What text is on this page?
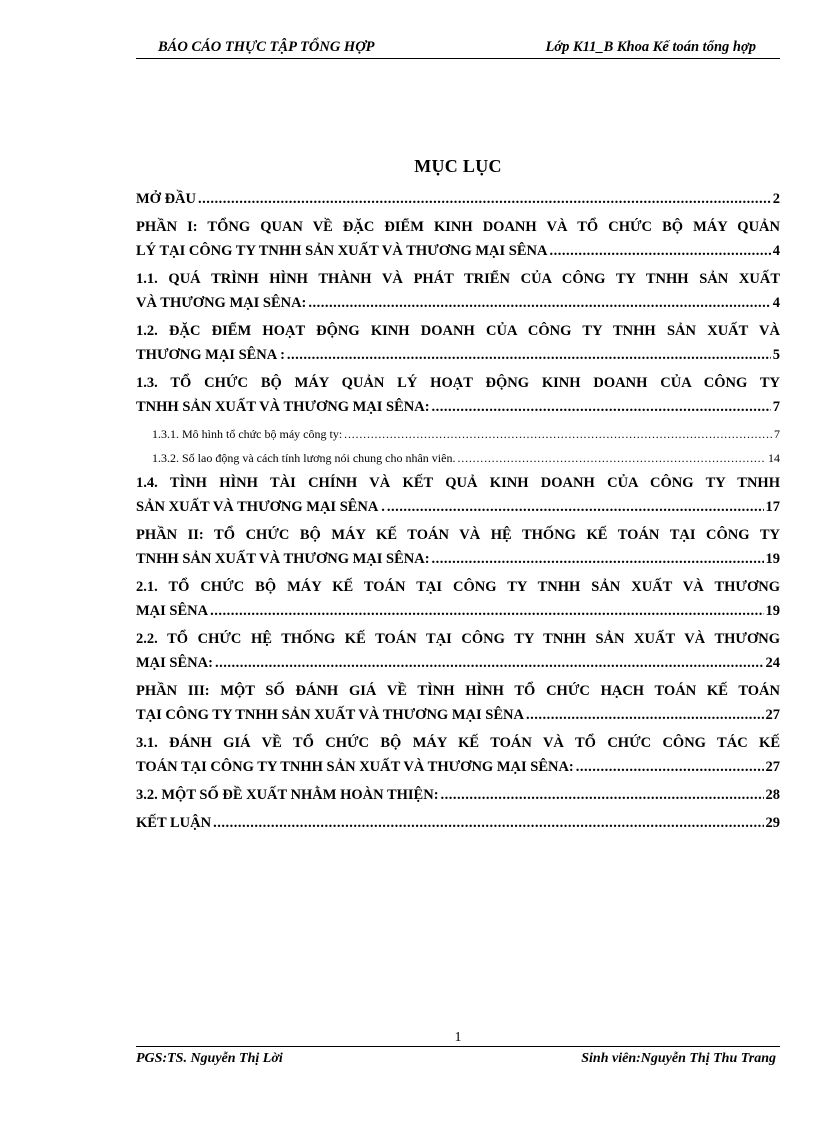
BÁO CÁO THỰC TẬP TỔNG HỢP	Lớp K11_B Khoa Kế toán tổng hợp
MỤC LỤC
MỞ ĐẦU .....	2
PHẦN I: TỔNG QUAN VỀ ĐẶC ĐIỂM KINH DOANH VÀ TỔ CHỨC BỘ MÁY QUẢN
LÝ TẠI CÔNG TY TNHH SẢN XUẤT VÀ THƯƠNG MẠI SÊNA .....	4
1.1. QUÁ TRÌNH HÌNH THÀNH VÀ PHÁT TRIỂN CỦA CÔNG TY TNHH SẢN XUẤT
VÀ THƯƠNG MẠI SÊNA: .....	4
1.2. ĐẶC ĐIỂM HOẠT ĐỘNG KINH DOANH CỦA CÔNG TY TNHH SẢN XUẤT VÀ
THƯƠNG MẠI SÊNA : .....	5
1.3. TỔ CHỨC BỘ MÁY QUẢN LÝ HOẠT ĐỘNG KINH DOANH CỦA CÔNG TY
TNHH SẢN XUẤT VÀ THƯƠNG MẠI SÊNA: .....	7
1.3.1. Mô hình tổ chức bộ máy công ty: .....	7
1.3.2. Số lao động và cách tính lương nói chung cho nhân viên. .....	14
1.4. TÌNH HÌNH TÀI CHÍNH VÀ KẾT QUẢ KINH DOANH CỦA CÔNG TY TNHH
SẢN XUẤT VÀ THƯƠNG MẠI SÊNA . .....	17
PHẦN II: TỔ CHỨC BỘ MÁY KẾ TOÁN VÀ HỆ THỐNG KẾ TOÁN TẠI CÔNG TY
TNHH SẢN XUẤT VÀ THƯƠNG MẠI SÊNA: .....	19
2.1. TỔ CHỨC BỘ MÁY KẾ TOÁN TẠI CÔNG TY TNHH SẢN XUẤT VÀ THƯƠNG
MẠI SÊNA .....	19
2.2. TỔ CHỨC HỆ THỐNG KẾ TOÁN TẠI CÔNG TY TNHH SẢN XUẤT VÀ THƯƠNG
MẠI SÊNA: .....	24
PHẦN III: MỘT SỐ ĐÁNH GIÁ VỀ TÌNH HÌNH TỔ CHỨC HẠCH TOÁN KẾ TOÁN
TẠI CÔNG TY TNHH SẢN XUẤT VÀ THƯƠNG MẠI SÊNA .....	27
3.1. ĐÁNH GIÁ VỀ TỔ CHỨC BỘ MÁY KẾ TOÁN VÀ TỔ CHỨC CÔNG TÁC KẾ
TOÁN TẠI CÔNG TY TNHH SẢN XUẤT VÀ THƯƠNG MẠI SÊNA: .....	27
3.2. MỘT SỐ ĐỀ XUẤT NHẰM HOÀN THIỆN: .....	28
KẾT LUẬN .....	29
1
PGS:TS. Nguyễn Thị Lời	Sinh viên:Nguyễn Thị Thu Trang
